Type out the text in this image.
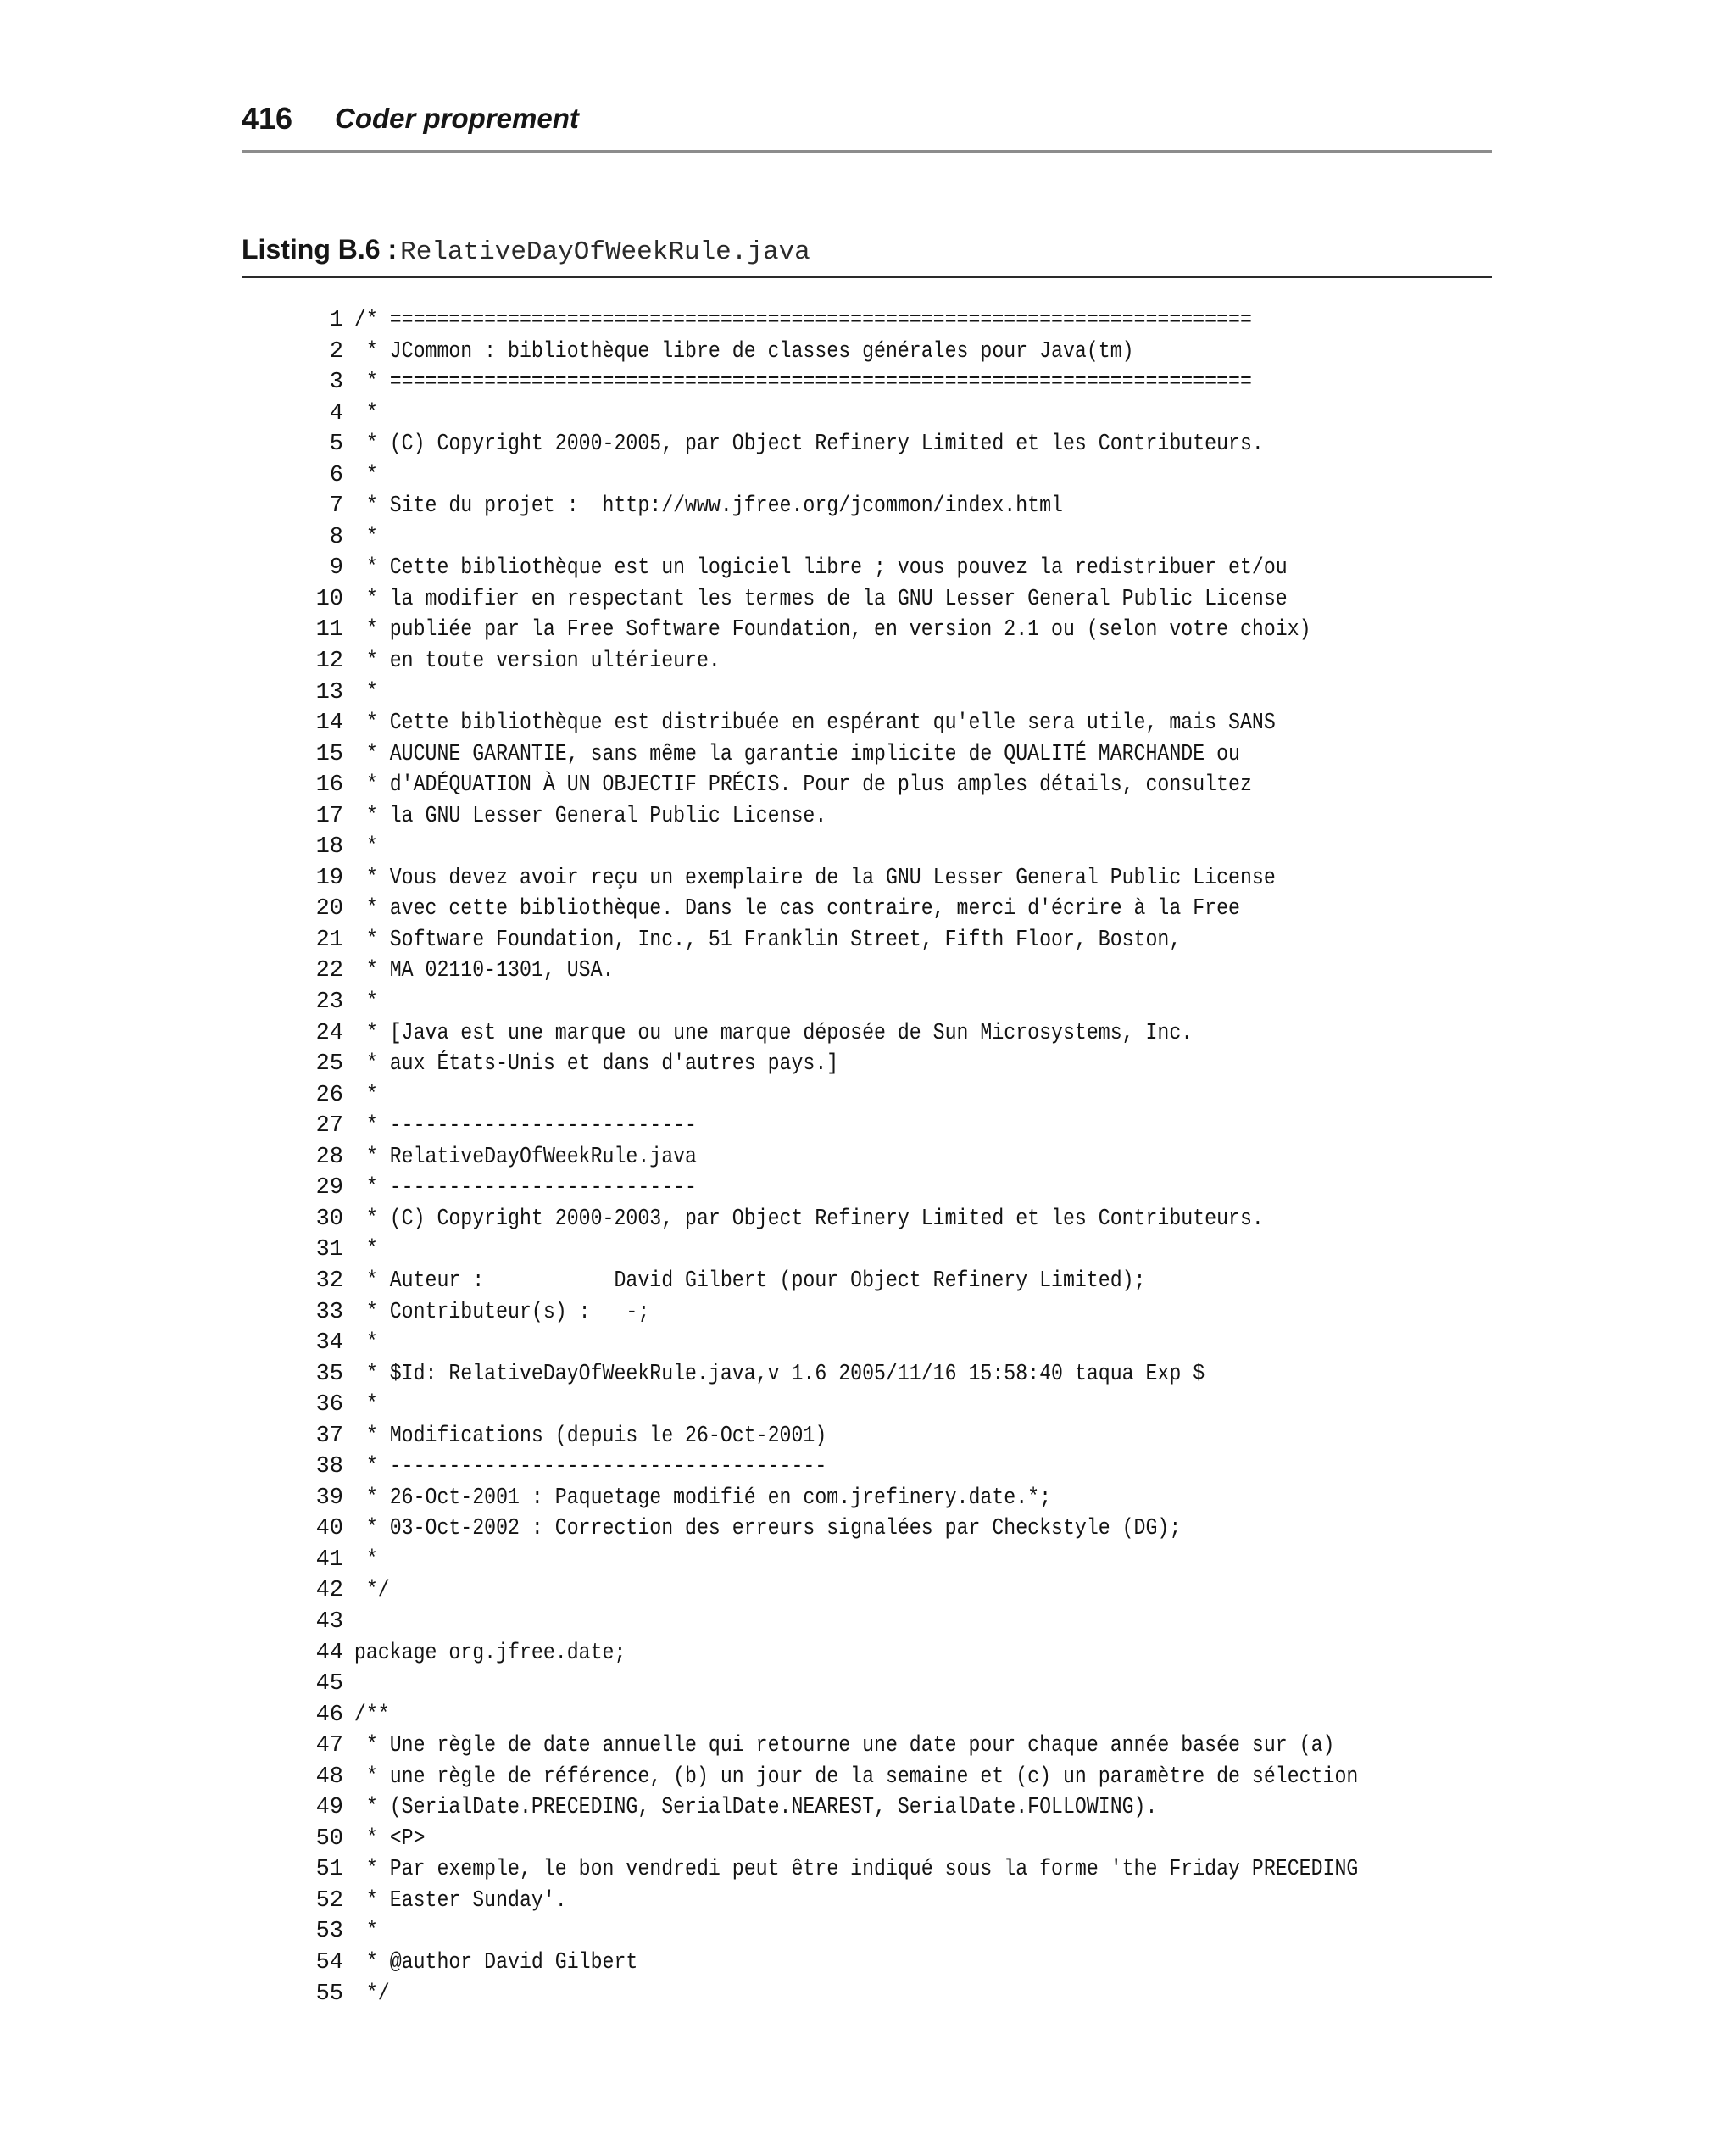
416 Coder proprement
Listing B.6 : RelativeDayOfWeekRule.java
1 /* =========================================================================
2 * JCommon : bibliothèque libre de classes générales pour Java(tm)
3 * =========================================================================
4 *
5 * (C) Copyright 2000-2005, par Object Refinery Limited et les Contributeurs.
6 *
7 * Site du projet :  http://www.jfree.org/jcommon/index.html
8 *
9 * Cette bibliothèque est un logiciel libre ; vous pouvez la redistribuer et/ou
10 * la modifier en respectant les termes de la GNU Lesser General Public License
11 * publiée par la Free Software Foundation, en version 2.1 ou (selon votre choix)
12 * en toute version ultérieure.
13 *
14 * Cette bibliothèque est distribuée en espérant qu'elle sera utile, mais SANS
15 * AUCUNE GARANTIE, sans même la garantie implicite de QUALITÉ MARCHANDE ou
16 * d'ADÉQUATION À UN OBJECTIF PRÉCIS. Pour de plus amples détails, consultez
17 * la GNU Lesser General Public License.
18 *
19 * Vous devez avoir reçu un exemplaire de la GNU Lesser General Public License
20 * avec cette bibliothèque. Dans le cas contraire, merci d'écrire à la Free
21 * Software Foundation, Inc., 51 Franklin Street, Fifth Floor, Boston,
22 * MA 02110-1301, USA.
23 *
24 * [Java est une marque ou une marque déposée de Sun Microsystems, Inc.
25 * aux États-Unis et dans d'autres pays.]
26 *
27 * --------------------------
28 * RelativeDayOfWeekRule.java
29 * --------------------------
30 * (C) Copyright 2000-2003, par Object Refinery Limited et les Contributeurs.
31 *
32 * Auteur :           David Gilbert (pour Object Refinery Limited);
33 * Contributeur(s) :   -;
34 *
35 * $Id: RelativeDayOfWeekRule.java,v 1.6 2005/11/16 15:58:40 taqua Exp $
36 *
37 * Modifications (depuis le 26-Oct-2001)
38 * -------------------------------------
39 * 26-Oct-2001 : Paquetage modifié en com.jrefinery.date.*;
40 * 03-Oct-2002 : Correction des erreurs signalées par Checkstyle (DG);
41 *
42 */
43
44 package org.jfree.date;
45
46 /**
47 * Une règle de date annuelle qui retourne une date pour chaque année basée sur (a)
48 * une règle de référence, (b) un jour de la semaine et (c) un paramètre de sélection
49 * (SerialDate.PRECEDING, SerialDate.NEAREST, SerialDate.FOLLOWING).
50 * <P>
51 * Par exemple, le bon vendredi peut être indiqué sous la forme 'the Friday PRECEDING
52 * Easter Sunday'.
53 *
54 * @author David Gilbert
55 */
